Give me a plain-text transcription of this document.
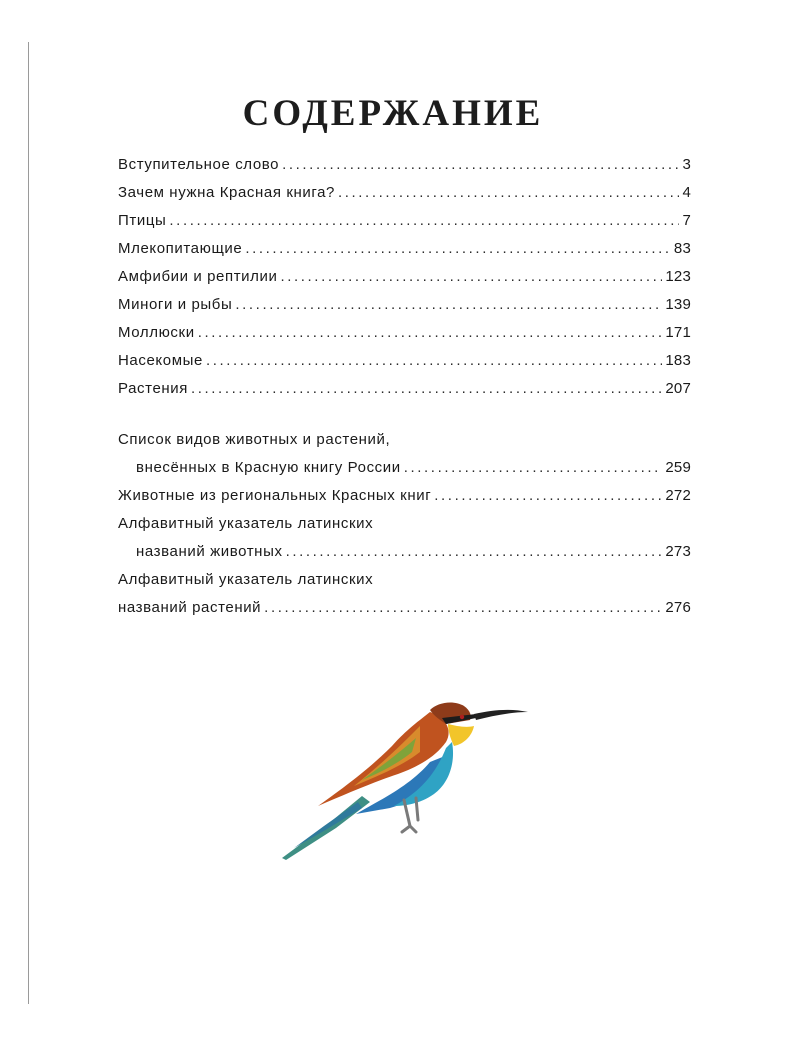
СОДЕРЖАНИЕ
Вступительное слово .....	3
Зачем нужна Красная книга? .....	4
Птицы .....	7
Млекопитающие .....	83
Амфибии и рептилии .....	123
Миноги и рыбы .....	139
Моллюски .....	171
Насекомые .....	183
Растения .....	207
Список видов животных и растений,
внесённых в Красную книгу России .....	259
Животные из региональных Красных книг .....	272
Алфавитный указатель латинских
названий животных .....	273
Алфавитный указатель латинских
названий растений .....	276
